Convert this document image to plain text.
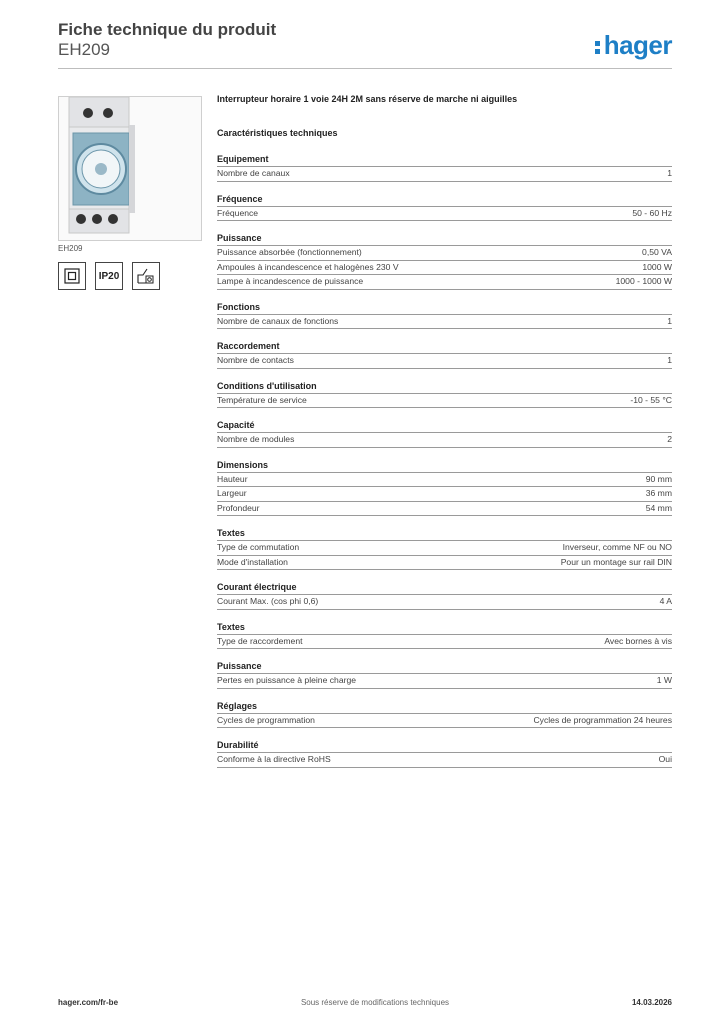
Fiche technique du produit
EH209	hager
EH209
IP20
Interrupteur horaire 1 voie 24H 2M sans réserve de marche ni aiguilles
Caractéristiques techniques
Equipement
Nombre de canaux	1
Fréquence
Fréquence	50 - 60 Hz
Puissance
Puissance absorbée (fonctionnement)	0,50 VA
Ampoules à incandescence et halogènes 230 V	1000 W
Lampe à incandescence de puissance	1000 - 1000 W
Fonctions
Nombre de canaux de fonctions	1
Raccordement
Nombre de contacts	1
Conditions d'utilisation
Température de service	-10 - 55 °C
Capacité
Nombre de modules	2
Dimensions
Hauteur	90 mm
Largeur	36 mm
Profondeur	54 mm
Textes
Type de commutation	Inverseur, comme NF ou NO
Mode d'installation	Pour un montage sur rail DIN
Courant électrique
Courant Max. (cos phi 0,6)	4 A
Textes
Type de raccordement	Avec bornes à vis
Puissance
Pertes en puissance à pleine charge	1 W
Réglages
Cycles de programmation	Cycles de programmation 24 heures
Durabilité
Conforme à la directive RoHS	Oui
hager.com/fr-be	Sous réserve de modifications techniques	14.03.2026
